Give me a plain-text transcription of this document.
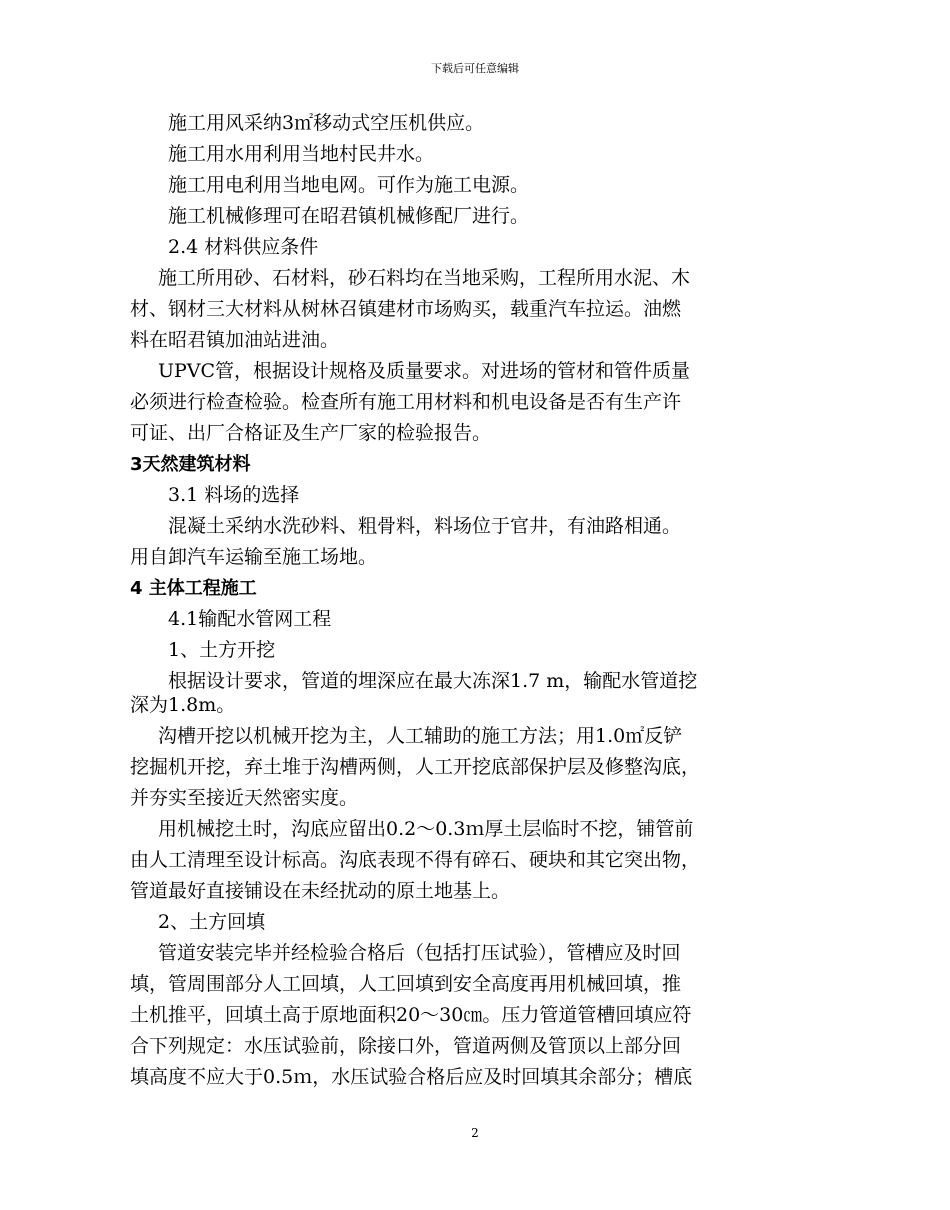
下载后可任意编辑
施工用风采纳3㎡移动式空压机供应。
施工用水用利用当地村民井水。
施工用电利用当地电网。可作为施工电源。
施工机械修理可在昭君镇机械修配厂进行。
2.4 材料供应条件
施工所用砂、石材料，砂石料均在当地采购，工程所用水泥、木
材、钢材三大材料从树林召镇建材市场购买，载重汽车拉运。油燃
料在昭君镇加油站进油。
UPVC管，根据设计规格及质量要求。对进场的管材和管件质量
必须进行检查检验。检查所有施工用材料和机电设备是否有生产许
可证、出厂合格证及生产厂家的检验报告。
3天然建筑材料
3.1 料场的选择
混凝土采纳水洗砂料、粗骨料，料场位于官井，有油路相通。
用自卸汽车运输至施工场地。
4 主体工程施工
4.1输配水管网工程
1、土方开挖
根据设计要求，管道的埋深应在最大冻深1.7 m，输配水管道挖
深为1.8m。
沟槽开挖以机械开挖为主，人工辅助的施工方法；用1.0㎡反铲
挖掘机开挖，弃土堆于沟槽两侧，人工开挖底部保护层及修整沟底，
并夯实至接近天然密实度。
用机械挖土时，沟底应留出0.2～0.3ｍ厚土层临时不挖，铺管前
由人工清理至设计标高。沟底表现不得有碎石、硬块和其它突出物，
管道最好直接铺设在未经扰动的原土地基上。
2、土方回填
管道安装完毕并经检验合格后（包括打压试验），管槽应及时回
填，管周围部分人工回填，人工回填到安全高度再用机械回填，推
土机推平，回填土高于原地面积20～30㎝。压力管道管槽回填应符
合下列规定：水压试验前，除接口外，管道两侧及管顶以上部分回
填高度不应大于0.5ｍ，水压试验合格后应及时回填其余部分；槽底
2
